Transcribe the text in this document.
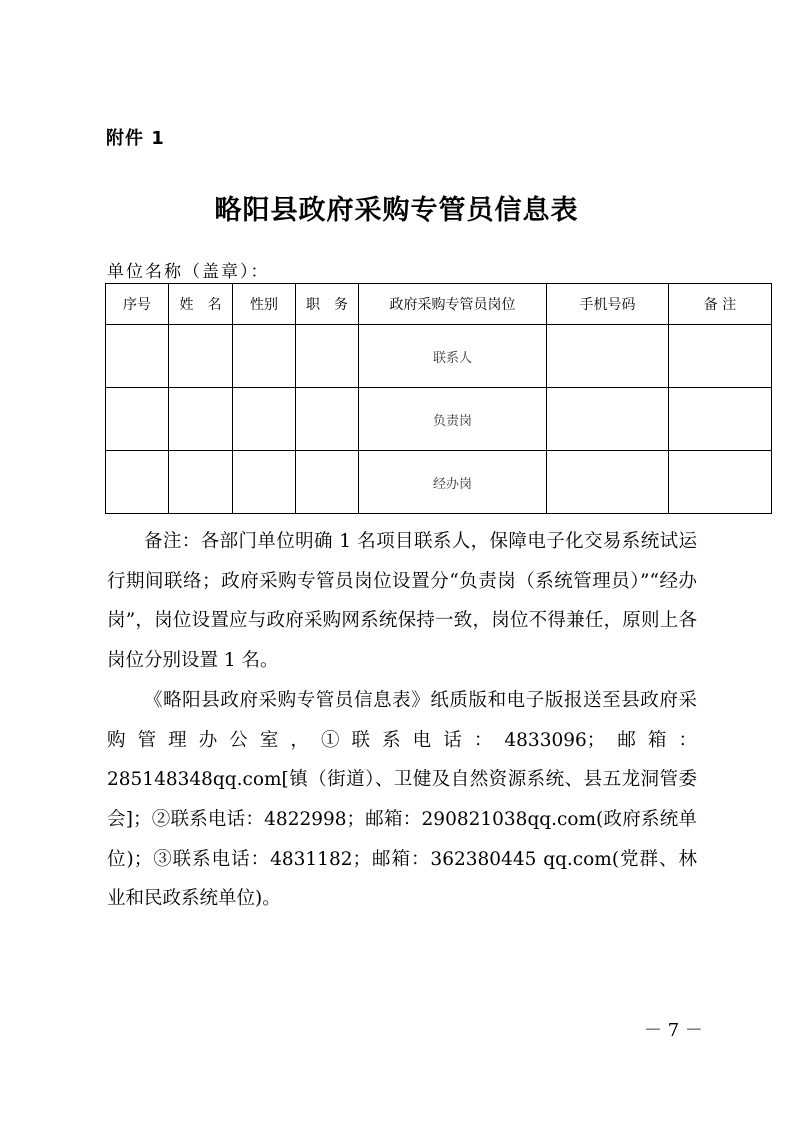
附件 1
略阳县政府采购专管员信息表
单位名称（盖章）：
序号	姓　名	性别	职　务	政府采购专管员岗位	手机号码	备 注
				联系人		
				负责岗		
				经办岗		

备注：各部门单位明确 1 名项目联系人，保障电子化交易系统试运行期间联络；政府采购专管员岗位设置分“负责岗（系统管理员）”“经办岗”，岗位设置应与政府采购网系统保持一致，岗位不得兼任，原则上各岗位分别设置 1 名。

《略阳县政府采购专管员信息表》纸质版和电子版报送至县政府采购管理办公室，①联系电话：4833096；邮箱：285148348qq.com[镇（街道）、卫健及自然资源系统、县五龙洞管委会]；②联系电话：4822998；邮箱：290821038qq.com(政府系统单位)；③联系电话：4831182；邮箱：362380445 qq.com(党群、林业和民政系统单位)。

－ 7 －
